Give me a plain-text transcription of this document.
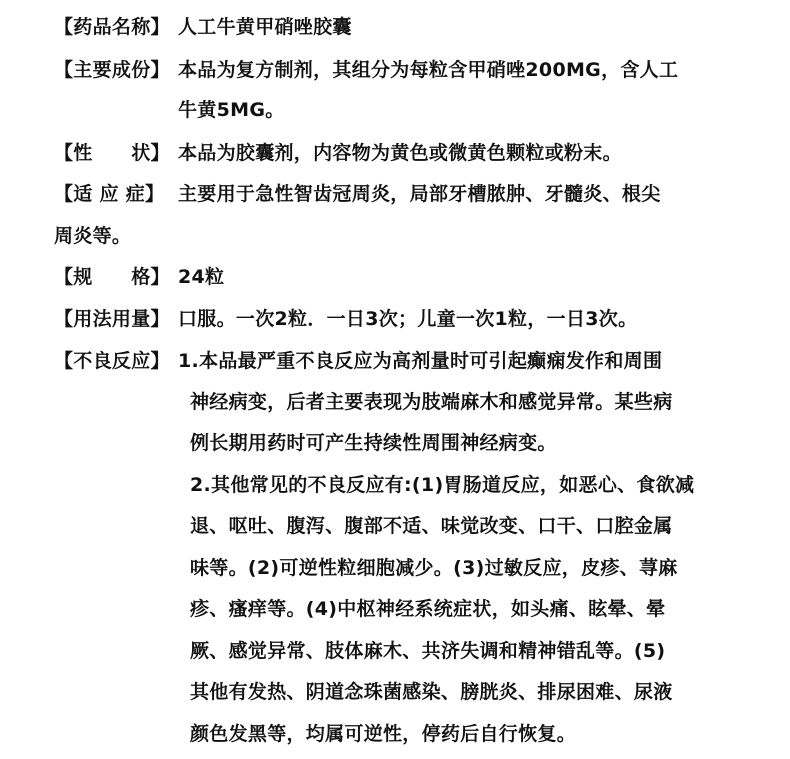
【药品名称】 人工牛黄甲硝唑胶囊
【主要成份】 本品为复方制剂，其组分为每粒含甲硝唑200MG，含人工
牛黄5MG。
【性　　状】 本品为胶囊剂，内容物为黄色或微黄色颗粒或粉末。
【适 应 症】 主要用于急性智齿冠周炎，局部牙槽脓肿、牙髓炎、根尖
周炎等。
【规　　格】 24粒
【用法用量】 口服。一次2粒．一日3次；儿童一次1粒，一日3次。
【不良反应】 1.本品最严重不良反应为高剂量时可引起癫痫发作和周围
神经病变，后者主要表现为肢端麻木和感觉异常。某些病
例长期用药时可产生持续性周围神经病变。
2.其他常见的不良反应有:(1)胃肠道反应，如恶心、食欲减
退、呕吐、腹泻、腹部不适、味觉改变、口干、口腔金属
味等。(2)可逆性粒细胞减少。(3)过敏反应，皮疹、荨麻
疹、瘙痒等。(4)中枢神经系统症状，如头痛、眩晕、晕
厥、感觉异常、肢体麻木、共济失调和精神错乱等。(5)
其他有发热、阴道念珠菌感染、膀胱炎、排尿困难、尿液
颜色发黑等，均属可逆性，停药后自行恢复。
